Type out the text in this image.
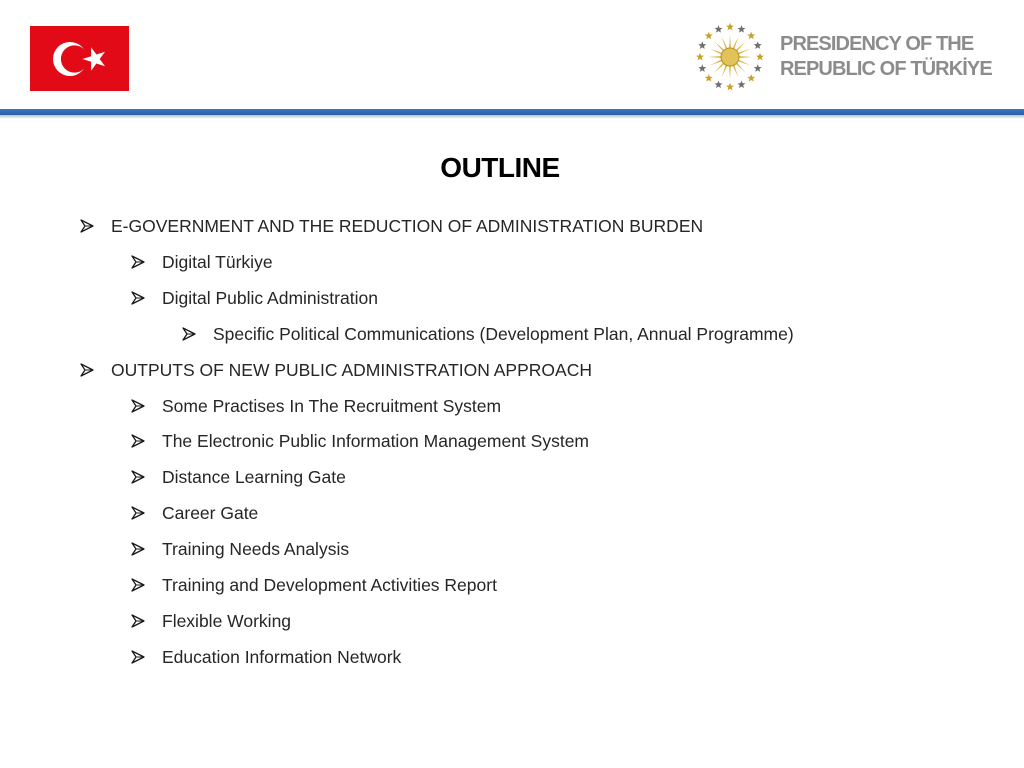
PRESIDENCY OF THE
REPUBLIC OF TÜRKİYE
OUTLINE
E-GOVERNMENT AND THE REDUCTION OF ADMINISTRATION BURDEN
Digital Türkiye
Digital Public Administration
Specific Political Communications (Development Plan, Annual Programme)
OUTPUTS OF NEW PUBLIC ADMINISTRATION APPROACH
Some Practises In The Recruitment System
The Electronic Public Information Management System
Distance Learning Gate
Career Gate
Training Needs Analysis
Training and Development Activities Report
Flexible Working
Education Information Network
